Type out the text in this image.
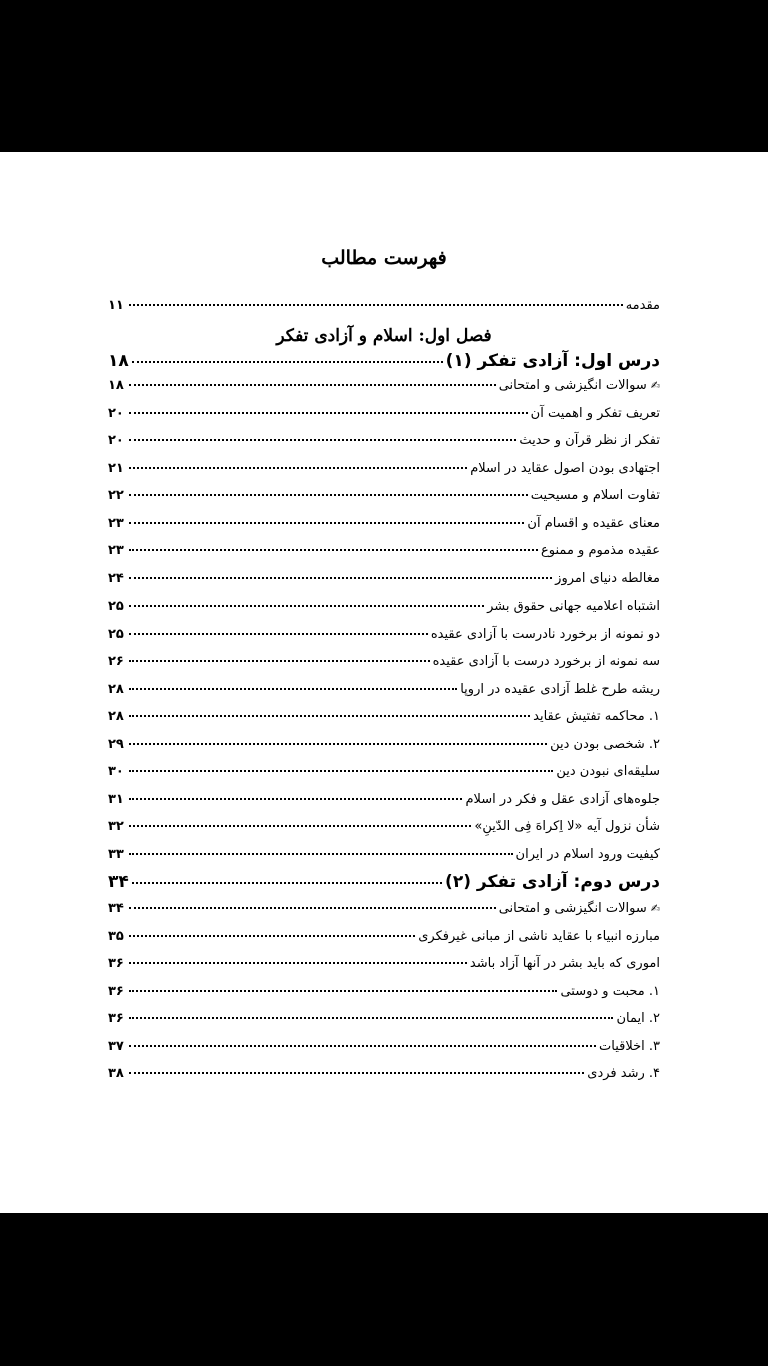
فهرست مطالب
مقدمه
۱۱
فصل اول: اسلام و آزادی تفکر
درس اول: آزادی تفکر (۱)
۱۸
✍سوالات انگیزشی و امتحانی
۱۸
تعریف تفکر و اهمیت آن
۲۰
تفکر از نظر قرآن و حدیث
۲۰
اجتهادی بودن اصول عقاید در اسلام
۲۱
تفاوت اسلام و مسیحیت
۲۲
معنای عقیده و اقسام آن
۲۳
عقیده مذموم و ممنوع
۲۳
مغالطه دنیای امروز
۲۴
اشتباه اعلامیه جهانی حقوق بشر
۲۵
دو نمونه از برخورد نادرست با آزادی عقیده
۲۵
سه نمونه از برخورد درست با آزادی عقیده
۲۶
ریشه طرح غلط آزادی عقیده در اروپا
۲۸
۱. محاکمه تفتیش عقاید
۲۸
۲. شخصی بودن دین
۲۹
سلیقه‌ای نبودن دین
۳۰
جلوه‌های آزادی عقل و فکر در اسلام
۳۱
شأن نزول آیه «لا اِکراهَ فِی الدّینِ»
۳۲
کیفیت ورود اسلام در ایران
۳۳
درس دوم: آزادی تفکر (۲)
۳۴
✍سوالات انگیزشی و امتحانی
۳۴
مبارزه انبیاء با عقاید ناشی از مبانی غیرفکری
۳۵
اموری که باید بشر در آنها آزاد باشد
۳۶
۱. محبت و دوستی
۳۶
۲. ایمان
۳۶
۳. اخلاقیات
۳۷
۴. رشد فردی
۳۸
